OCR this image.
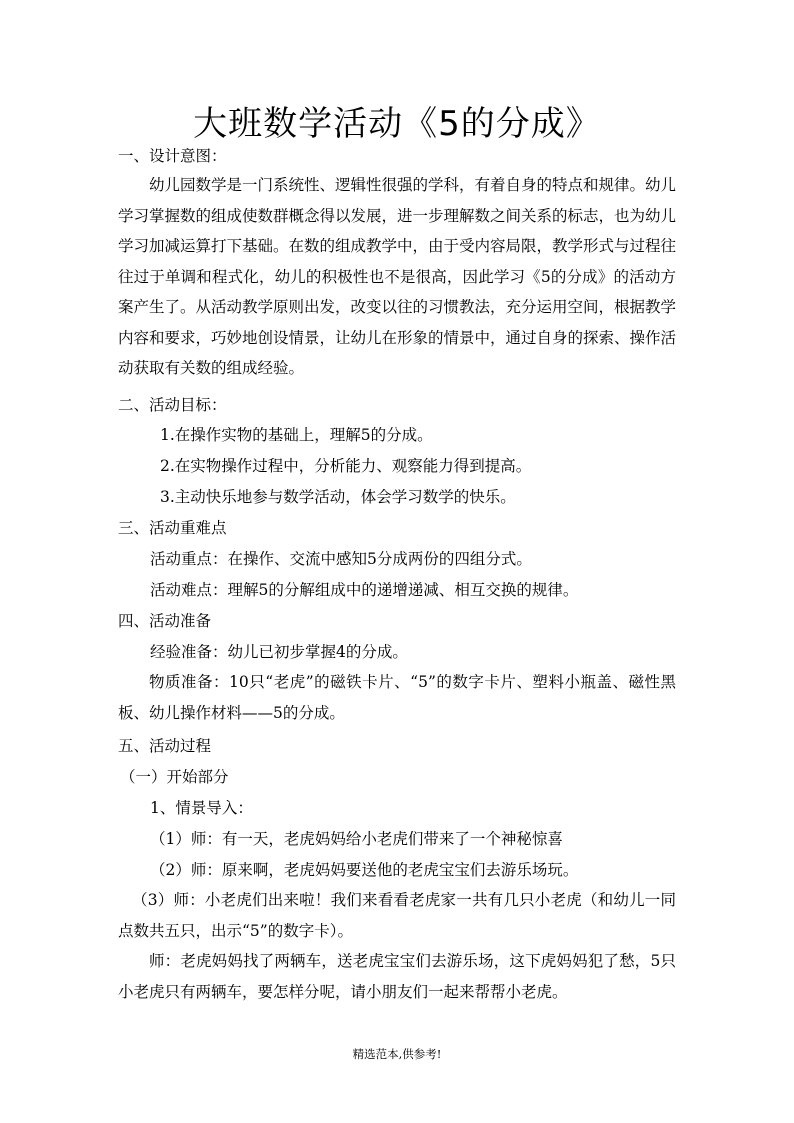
大班数学活动《5的分成》
一、设计意图：
幼儿园数学是一门系统性、逻辑性很强的学科，有着自身的特点和规律。幼儿学习掌握数的组成使数群概念得以发展，进一步理解数之间关系的标志，也为幼儿学习加减运算打下基础。在数的组成教学中，由于受内容局限，教学形式与过程往往过于单调和程式化，幼儿的积极性也不是很高，因此学习《5的分成》的活动方案产生了。从活动教学原则出发，改变以往的习惯教法，充分运用空间，根据教学内容和要求，巧妙地创设情景，让幼儿在形象的情景中，通过自身的探索、操作活动获取有关数的组成经验。
二、活动目标：
1.在操作实物的基础上，理解5的分成。
2.在实物操作过程中，分析能力、观察能力得到提高。
3.主动快乐地参与数学活动，体会学习数学的快乐。
三、活动重难点
活动重点：在操作、交流中感知5分成两份的四组分式。
活动难点：理解5的分解组成中的递增递减、相互交换的规律。
四、活动准备
经验准备：幼儿已初步掌握4的分成。
物质准备：10只“老虎”的磁铁卡片、“5”的数字卡片、塑料小瓶盖、磁性黑板、幼儿操作材料——5的分成。
五、活动过程
（一）开始部分
1、情景导入：
（1）师：有一天，老虎妈妈给小老虎们带来了一个神秘惊喜
（2）师：原来啊，老虎妈妈要送他的老虎宝宝们去游乐场玩。
（3）师：小老虎们出来啦！我们来看看老虎家一共有几只小老虎（和幼儿一同点数共五只，出示“5”的数字卡）。
师：老虎妈妈找了两辆车，送老虎宝宝们去游乐场，这下虎妈妈犯了愁，5只小老虎只有两辆车，要怎样分呢，请小朋友们一起来帮帮小老虎。
精选范本,供参考!
